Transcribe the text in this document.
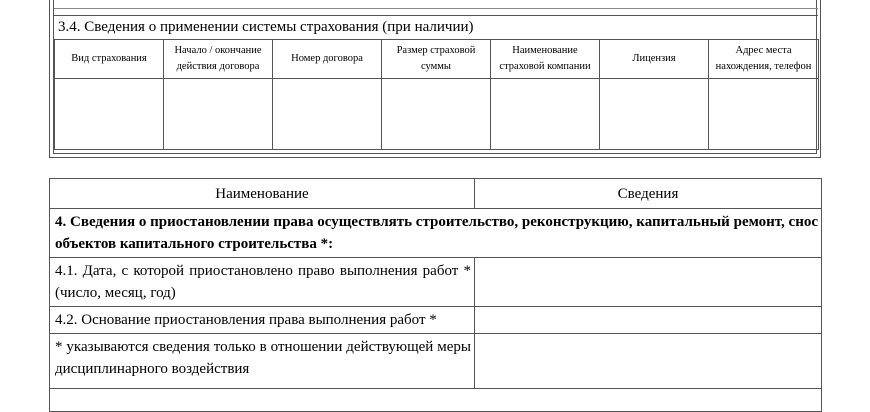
3.4. Сведения о применении системы страхования (при наличии)
Вид страхования	Начало / окончание действия договора	Номер договора	Размер страховой суммы	Наименование страховой компании	Лицензия	Адрес места нахождения, телефон

Наименование	Сведения
4. Сведения о приостановлении права осуществлять строительство, реконструкцию, капитальный ремонт, снос объектов капитального строительства *:	
4.1. Дата, с которой приостановлено право выполнения работ * (число, месяц, год)	
4.2. Основание приостановления права выполнения работ *	
* указываются сведения только в отношении действующей меры дисциплинарного воздействия	
